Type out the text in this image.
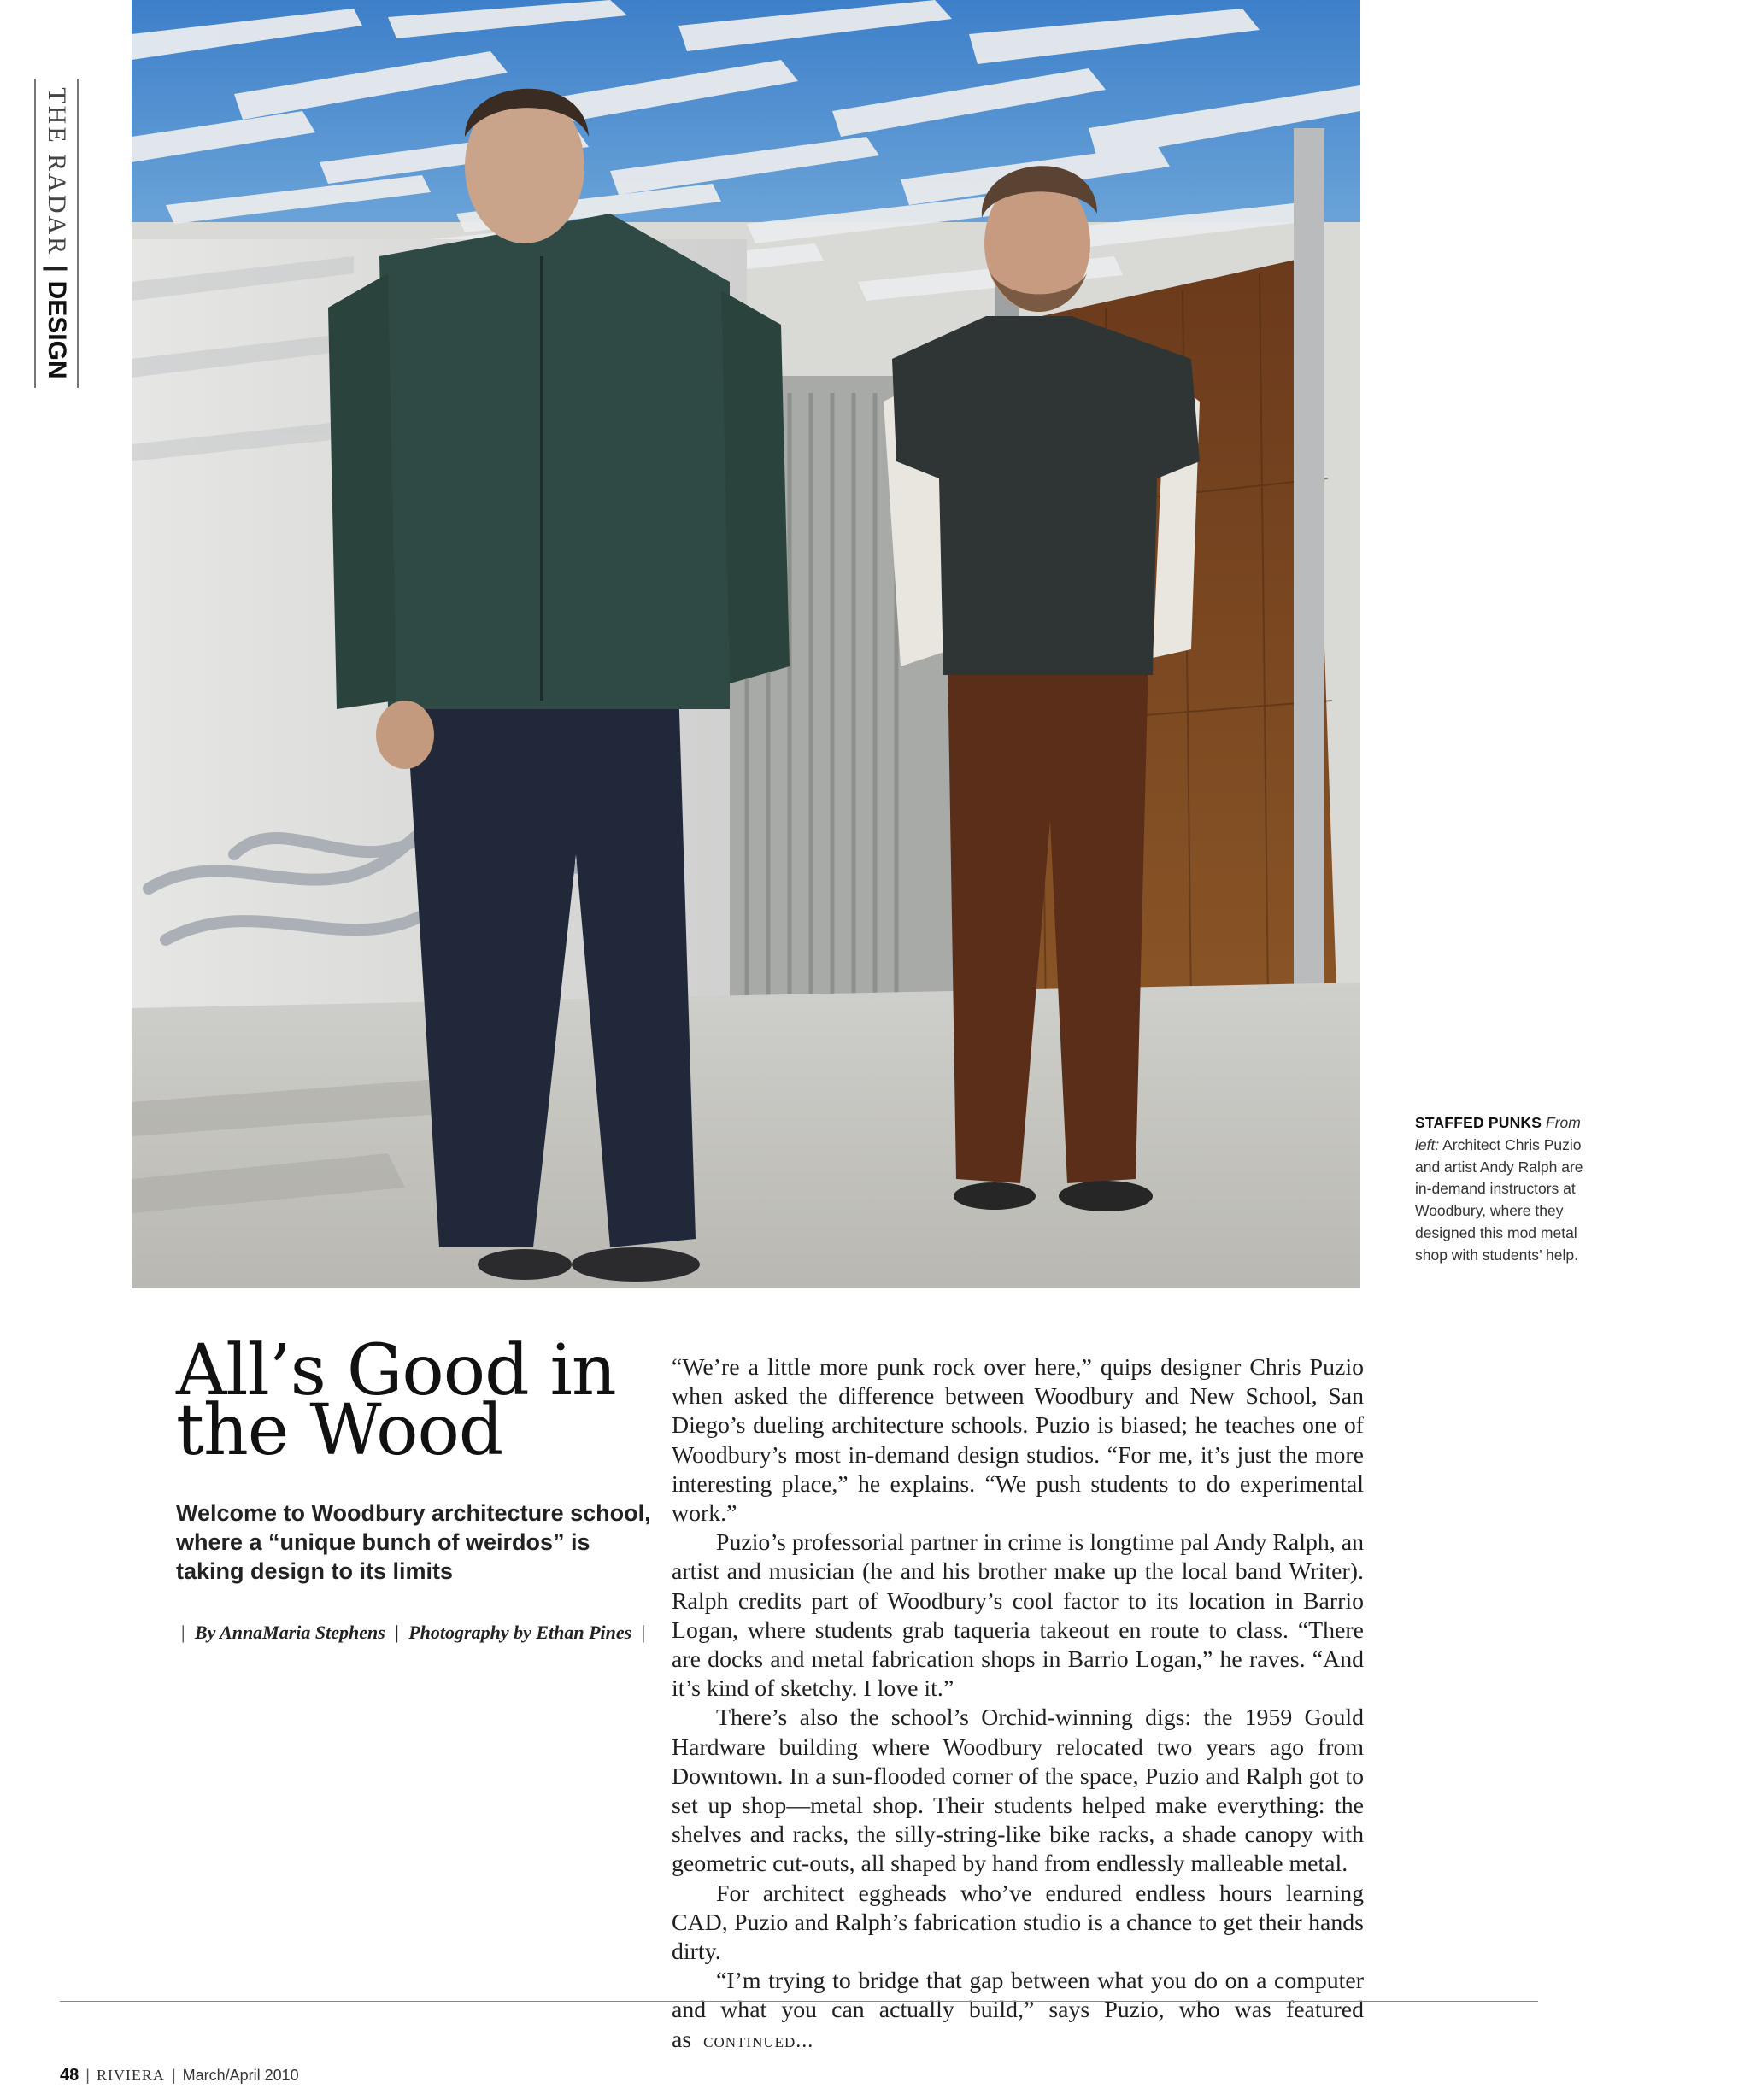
THE RADAR|DESIGN
STAFFED PUNKS From left: Architect Chris Puzio and artist Andy Ralph are in-demand instructors at Woodbury, where they designed this mod metal shop with students’ help.
All’s Good in
the Wood

Welcome to Woodbury architecture school, where a “unique bunch of weirdos” is taking design to its limits

| By AnnaMaria Stephens | Photography by Ethan Pines |

“We’re a little more punk rock over here,” quips designer Chris Puzio when asked the difference between Woodbury and New School, San Diego’s dueling architecture schools. Puzio is biased; he teaches one of Woodbury’s most in-demand design studios. “For me, it’s just the more interesting place,” he explains. “We push students to do experimental work.”

Puzio’s professorial partner in crime is longtime pal Andy Ralph, an artist and musician (he and his brother make up the local band Writer). Ralph credits part of Woodbury’s cool factor to its location in Barrio Logan, where students grab taqueria takeout en route to class. “There are docks and metal fabrication shops in Barrio Logan,” he raves. “And it’s kind of sketchy. I love it.”

There’s also the school’s Orchid-winning digs: the 1959 Gould Hardware building where Woodbury relocated two years ago from Downtown. In a sun-flooded corner of the space, Puzio and Ralph got to set up shop—metal shop. Their students helped make everything: the shelves and racks, the silly-string-like bike racks, a shade canopy with geometric cut-outs, all shaped by hand from endlessly malleable metal.

For architect eggheads who’ve endured endless hours learning CAD, Puzio and Ralph’s fabrication studio is a chance to get their hands dirty.

“I’m trying to bridge that gap between what you do on a computer and what you can actually build,” says Puzio, who was featured as continued...

48 | RIVIERA | March/April 2010
